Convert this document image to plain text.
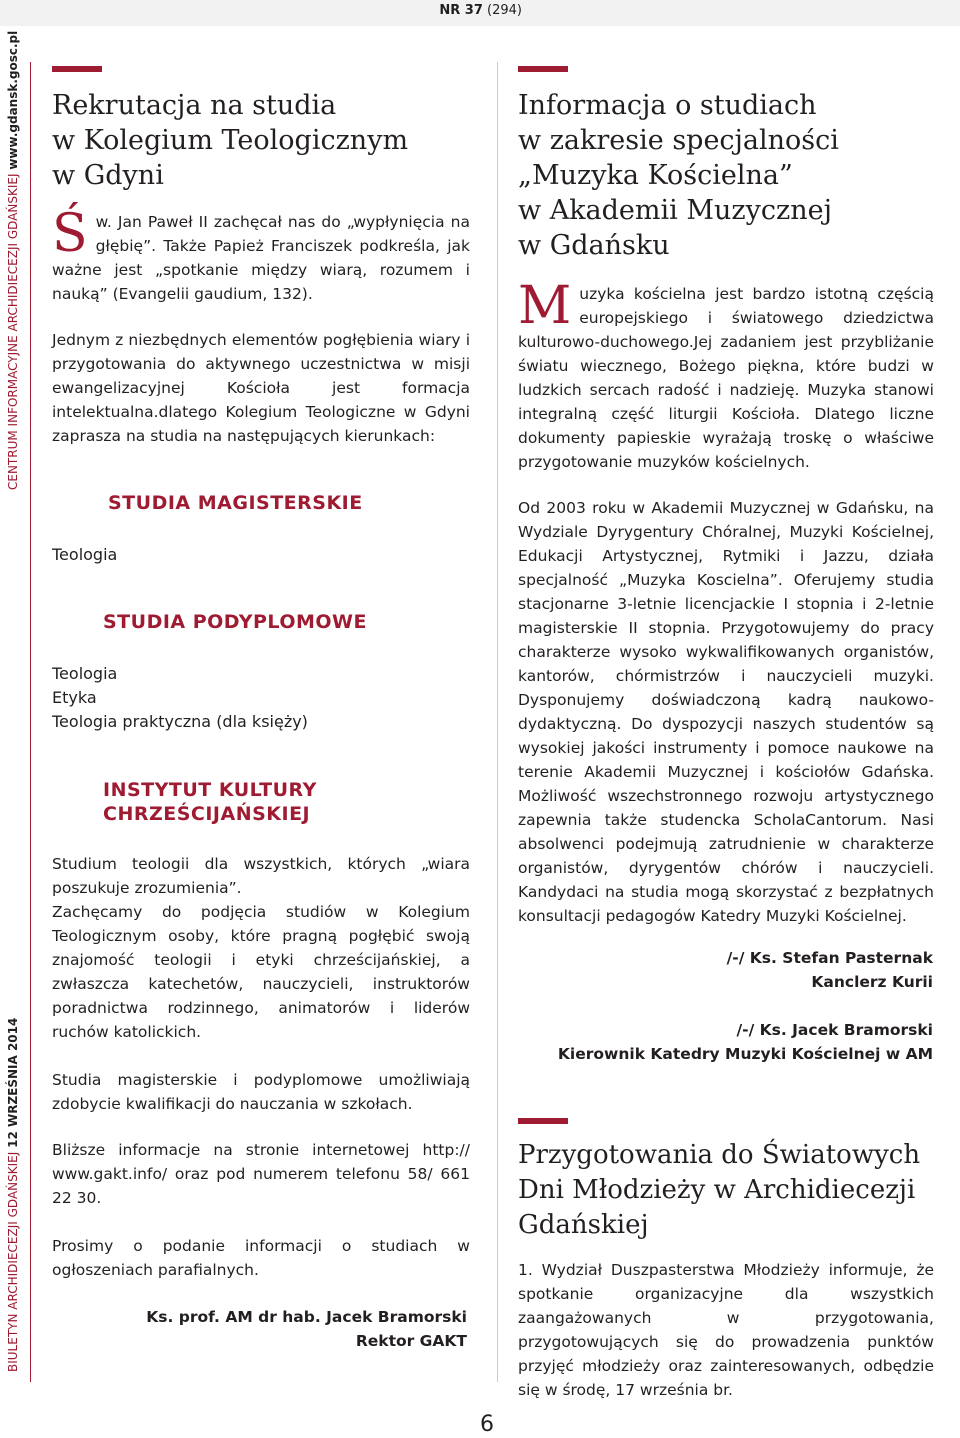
NR 37 (294)
BIULETYN ARCHIDIECEZJI GDAŃSKIEJ 12 WRZEŚNIA 2014
CENTRUM INFORMACYJNE ARCHIDIECEZJI GDAŃSKIEJ www.gdansk.gosc.pl Rekrutacja na studia
w Kolegium Teologicznym
w Gdyni
Ś w. Jan Paweł II zachęcał nas do „wypłynięcia na głębię”. Także Papież Franciszek podkreśla, jak ważne jest „spotkanie między wiarą, rozumem i nauką” (Evangelii gaudium, 132).

Jednym z niezbędnych elementów pogłębienia wiary i przygotowania do aktywnego uczestnictwa w misji ewangelizacyjnej Kościoła jest formacja intelektualna.dlatego Kolegium Teologiczne w Gdyni zaprasza na studia na następujących kierunkach:

STUDIA MAGISTERSKIE
Teologia
STUDIA PODYPLOMOWE
Teologia
Etyka
Teologia praktyczna (dla księży)
INSTYTUT KULTURY
CHRZEŚCIJAŃSKIEJ

Studium teologii dla wszystkich, których „wiara poszukuje zrozumienia”.

Zachęcamy do podjęcia studiów w Kolegium Teologicznym osoby, które pragną pogłębić swoją znajomość teologii i etyki chrześcijańskiej, a zwłaszcza katechetów, nauczycieli, instruktorów poradnictwa rodzinnego, animatorów i liderów ruchów katolickich.

Studia magisterskie i podyplomowe umożliwiają zdobycie kwalifikacji do nauczania w szkołach.

Bliższe informacje na stronie internetowej http:// www.gakt.info/ oraz pod numerem telefonu 58/ 661 22 30.

Prosimy o podanie informacji o studiach w ogłoszeniach parafialnych.

Ks. prof. AM dr hab. Jacek Bramorski
Rektor GAKT
Informacja o studiach
w zakresie specjalności
„Muzyka Kościelna”
w Akademii Muzycznej
w Gdańsku
M uzyka kościelna jest bardzo istotną częścią europejskiego i światowego dziedzictwa kulturowo-duchowego.Jej zadaniem jest przybliżanie światu wiecznego, Bożego piękna, które budzi w ludzkich sercach radość i nadzieję. Muzyka stanowi integralną część liturgii Kościoła. Dlatego liczne dokumenty papieskie wyrażają troskę o właściwe przygotowanie muzyków kościelnych.

Od 2003 roku w Akademii Muzycznej w Gdańsku, na Wydziale Dyrygentury Chóralnej, Muzyki Kościelnej, Edukacji Artystycznej, Rytmiki i Jazzu, działa specjalność „Muzyka Koscielna”. Oferujemy studia stacjonarne 3-letnie licencjackie I stopnia i 2-letnie magisterskie II stopnia. Przygotowujemy do pracy charakterze wysoko wykwalifikowanych organistów, kantorów, chórmistrzów i nauczycieli muzyki. Dysponujemy doświadczoną kadrą naukowo-dydaktyczną. Do dyspozycji naszych studentów są wysokiej jakości instrumenty i pomoce naukowe na terenie Akademii Muzycznej i kościołów Gdańska. Możliwość wszechstronnego rozwoju artystycznego zapewnia także studencka ScholaCantorum. Nasi absolwenci podejmują zatrudnienie w charakterze organistów, dyrygentów chórów i nauczycieli. Kandydaci na studia mogą skorzystać z bezpłatnych konsultacji pedagogów Katedry Muzyki Kościelnej.

/-/ Ks. Stefan Pasternak
Kanclerz Kurii
/-/ Ks. Jacek Bramorski
Kierownik Katedry Muzyki Kościelnej w AM
Przygotowania do Światowych
Dni Młodzieży w Archidiecezji
Gdańskiej

1. Wydział Duszpasterstwa Młodzieży informuje, że spotkanie organizacyjne dla wszystkich zaangażowanych w przygotowania, przygotowujących się do prowadzenia punktów przyjęć młodzieży oraz zainteresowanych, odbędzie się w środę, 17 września br.

6
